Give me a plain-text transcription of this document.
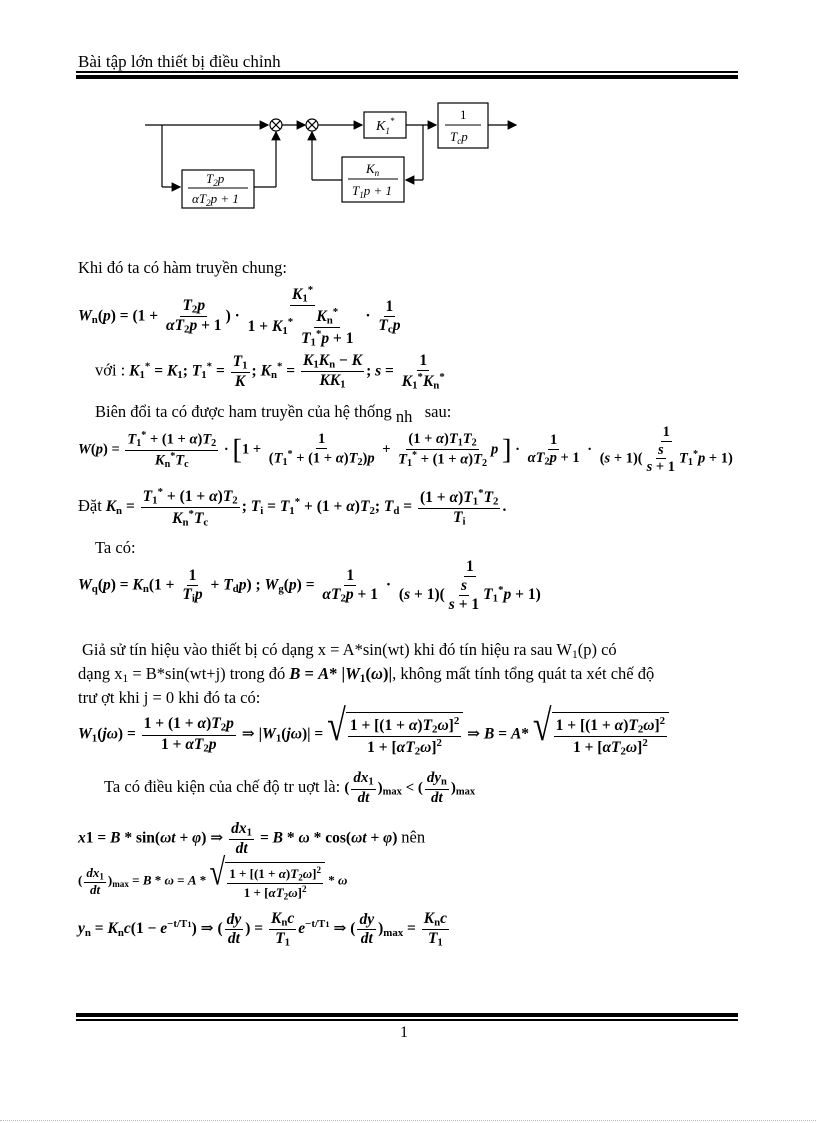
Bài tập lớn thiết bị điều chỉnh
$K_1^*$	1
$T_cp$
$K_n$
$T_1p + 1$
$T_2p$
$\alpha T_2p + 1$
Khi đó ta có hàm truyền chung:
$W_n(p) = (1 + \frac{T_2p}{\alpha T_2p + 1}$ ) · $\frac{K_1^*}{1 + K_1^* \frac{K_n^*}{T_1^*p + 1}} \cdot \frac{1}{T_cp}$
với : $K_1^* = K_1$; $T_1^* = \frac{T_1}{K}$ ; $K_n^* = \frac{K_1K_n - K}{KK_1}$ ; $s = \frac{1}{K_1^*K_n^*}$
Biên đổi ta có được ham truyền của hệ thống nh sau:
$W(p) = \frac{T_1^* + (1 + \alpha)T_2}{K_n^*T_c} \cdot [1 + \frac{1}{(T_1^* + (1 + \alpha)T_2)p} + \frac{(1 + \alpha)T_1T_2}{T_1^* + (1 + \alpha)T_2}$ p ] · $\frac{1}{\alpha T_2p + 1} \cdot \frac{1}{(s + 1)( \frac{s}{s + 1} T_1^*p + 1)}$
Đặt $K_n = \frac{T_1^* + (1 + \alpha)T_2}{K_n^*T_c}$ ; $T_i = T_1^* + (1 + \alpha)T_2$; $T_d = \frac{(1 + \alpha)T_1^*T_2}{T_i}$ .
Ta có:
$W_q(p) = K_n(1 + \frac{1}{T_ip} + T_dp)$ ; $W_g(p) = \frac{1}{\alpha T_2p + 1} \cdot \frac{1}{(s + 1)( \frac{s}{s + 1} T_1^*p + 1)}$
Giả sử tín hiệu vào thiết bị có dạng x = A*sin(wt) khi đó tín hiệu ra sau $W_1(p)$ có
dạng $x_1 = B*\sin(wt+j)$ trong đó B = A* $|W_1(\omega)|$, không mất tính tổng quát ta xét chế độ
trư ợt khi j = 0 khi đó ta có:
$W_1(j\omega) = \frac{1 + (1 + \alpha)T_2p}{1 + \alpha T_2p}$ ⇒ $|W_1(j\omega)|$ = √ $\frac{1 + [(1 + \alpha)T_2\omega]^2}{1 + [\alpha T_2\omega]^2}$ ⇒ B = A* √ $\frac{1 + [(1 + \alpha)T_2\omega]^2}{1 + [\alpha T_2\omega]^2}$
Ta có điều kiện của chế độ tr uợt là: ( $\frac{dx_1}{dt} )_{max}$ < ( $\frac{dy_n}{dt} )_{max}$
x1 = B * sin(ωt + φ) ⇒ $\frac{dx_1}{dt} = B * \omega * \cos(\omega t + \varphi)$ nên
( $\frac{dx_1}{dt} )_{max} = B * \omega = A$ * √ $\frac{1 + [(1 + \alpha)T_2\omega]^2}{1 + [\alpha T_2\omega]^2}$ * ω
$y_n = K_nc(1 - e^{-t/T1})$ ⇒ ( $\frac{dy}{dt}$ ) = $\frac{K_nc}{T_1} e^{-t/T1}$ ⇒ ( $\frac{dy}{dt} )_{max} = \frac{K_nc}{T_1}$
1
